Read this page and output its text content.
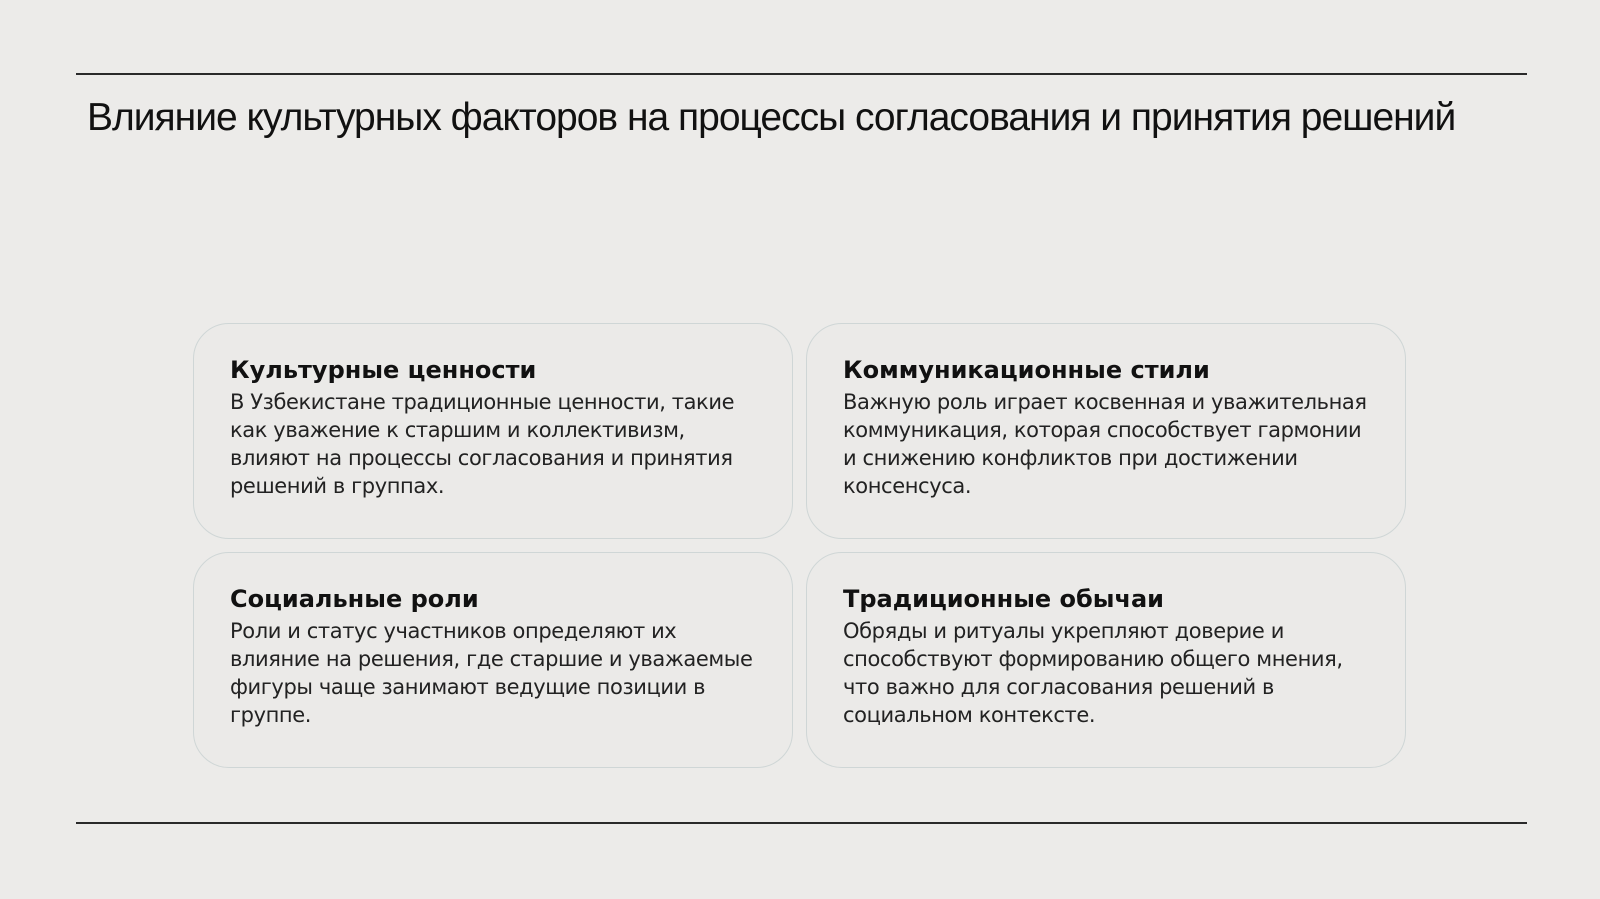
Влияние культурных факторов на процессы согласования и принятия решений
Культурные ценности
В Узбекистане традиционные ценности, такие как уважение к старшим и коллективизм, влияют на процессы согласования и принятия решений в группах.
Коммуникационные стили
Важную роль играет косвенная и уважительная коммуникация, которая способствует гармонии и снижению конфликтов при достижении консенсуса.
Социальные роли
Роли и статус участников определяют их влияние на решения, где старшие и уважаемые фигуры чаще занимают ведущие позиции в группе.
Традиционные обычаи
Обряды и ритуалы укрепляют доверие и способствуют формированию общего мнения, что важно для согласования решений в социальном контексте.
